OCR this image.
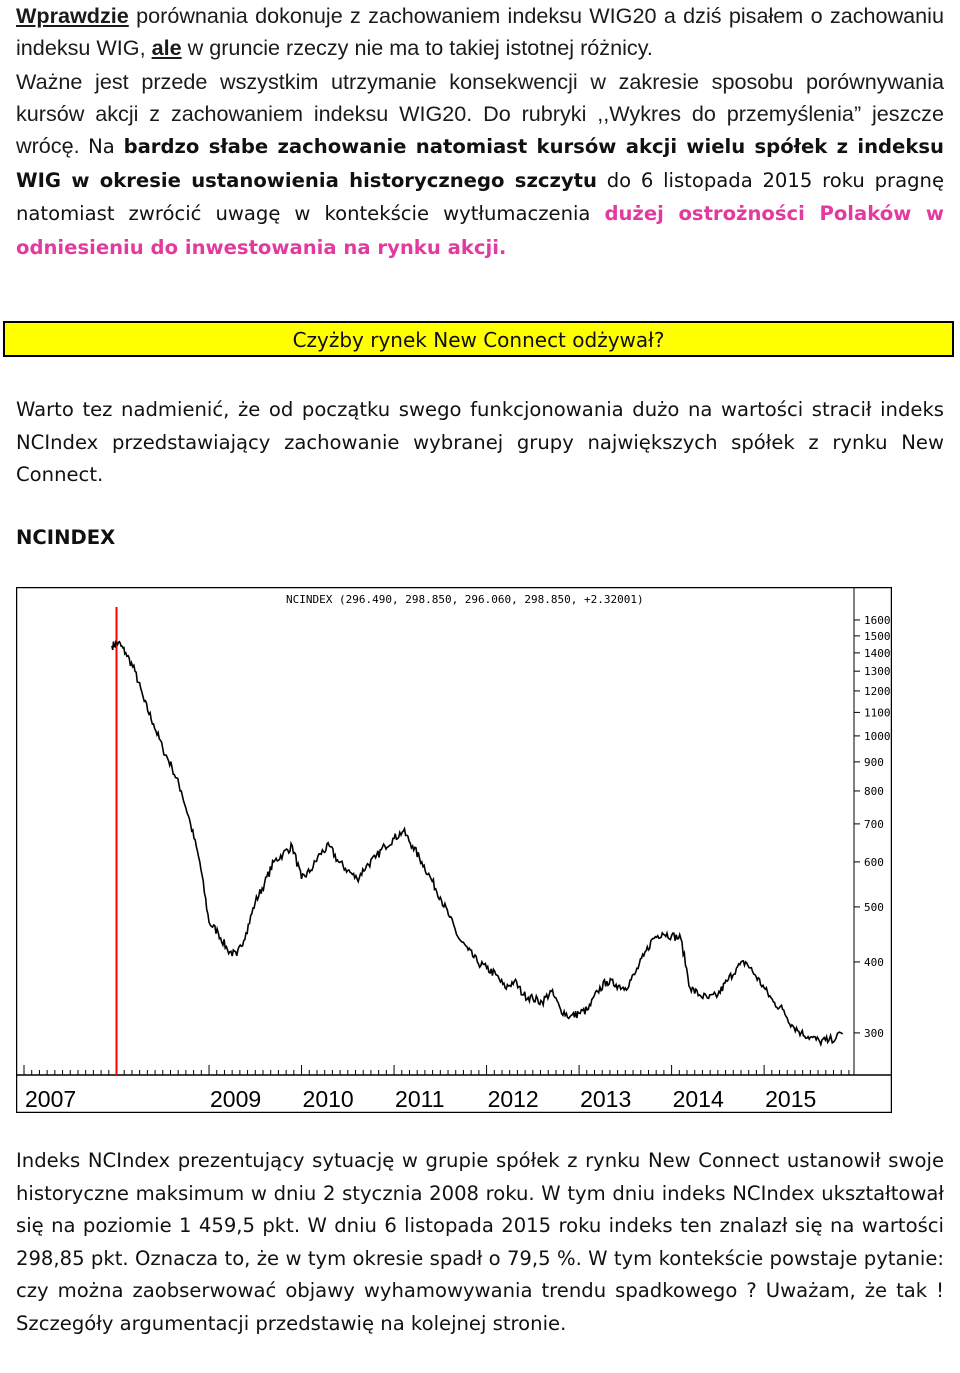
Wprawdzie porównania dokonuje z zachowaniem indeksu WIG20 a dziś pisałem o zachowaniu indeksu WIG, ale w gruncie rzeczy nie ma to takiej istotnej różnicy.

Ważne jest przede wszystkim utrzymanie konsekwencji w zakresie sposobu porównywania kursów akcji z zachowaniem indeksu WIG20. Do rubryki ,,Wykres do przemyślenia” jeszcze wrócę. Na bardzo słabe zachowanie natomiast kursów akcji wielu spółek z indeksu WIG w okresie ustanowienia historycznego szczytu do 6 listopada 2015 roku pragnę natomiast zwrócić uwagę w kontekście wytłumaczenia dużej ostrożności Polaków w odniesieniu do inwestowania na rynku akcji.

Czyżby rynek New Connect odżywał?

Warto tez nadmienić, że od początku swego funkcjonowania dużo na wartości stracił indeks NCIndex przedstawiający zachowanie wybranej grupy największych spółek z rynku New Connect.

NCINDEX

NCINDEX (296.490, 298.850, 296.060, 298.850, +2.32001)
2007	2009 2010 2011 2012 2013 2014 2015
1600
1500
1400
1300
1200
1100
1000
900
800
700
600
500
400
300

Indeks NCIndex prezentujący sytuację w grupie spółek z rynku New Connect ustanowił swoje historyczne maksimum w dniu 2 stycznia 2008 roku. W tym dniu indeks NCIndex ukształtował się na poziomie 1 459,5 pkt. W dniu 6 listopada 2015 roku indeks ten znalazł się na wartości 298,85 pkt. Oznacza to, że w tym okresie spadł o 79,5 %. W tym kontekście powstaje pytanie: czy można zaobserwować objawy wyhamowywania trendu spadkowego ? Uważam, że tak ! Szczegóły argumentacji przedstawię na kolejnej stronie.
